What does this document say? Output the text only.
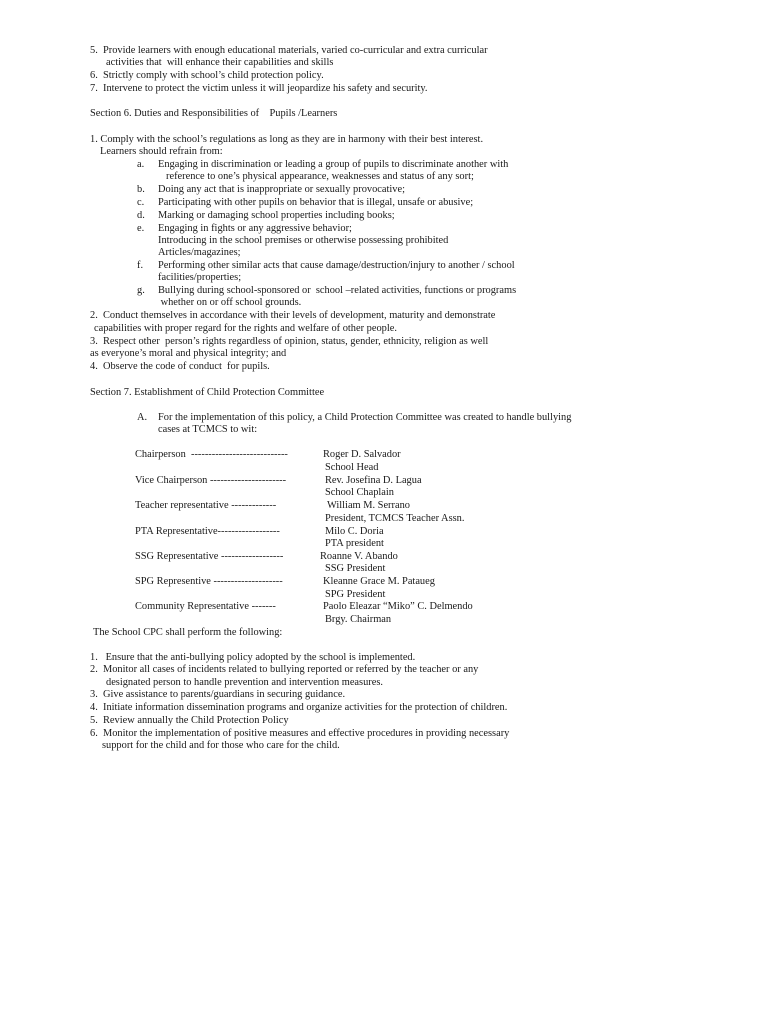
5.  Provide learners with enough educational materials, varied co-curricular and extra curricular
activities that  will enhance their capabilities and skills
6.  Strictly comply with school’s child protection policy.
7.  Intervene to protect the victim unless it will jeopardize his safety and security.
Section 6. Duties and Responsibilities of    Pupils /Learners
1. Comply with the school’s regulations as long as they are in harmony with their best interest.
Learners should refrain from:
a. Engaging in discrimination or leading a group of pupils to discriminate another with
reference to one’s physical appearance, weaknesses and status of any sort;
b. Doing any act that is inappropriate or sexually provocative;
c. Participating with other pupils on behavior that is illegal, unsafe or abusive;
d. Marking or damaging school properties including books;
e. Engaging in fights or any aggressive behavior;
Introducing in the school premises or otherwise possessing prohibited
Articles/magazines;
f. Performing other similar acts that cause damage/destruction/injury to another / school
facilities/properties;
g. Bullying during school-sponsored or  school –related activities, functions or programs
whether on or off school grounds.
2.  Conduct themselves in accordance with their levels of development, maturity and demonstrate
capabilities with proper regard for the rights and welfare of other people.
3.  Respect other  person’s rights regardless of opinion, status, gender, ethnicity, religion as well
as everyone’s moral and physical integrity; and
4.  Observe the code of conduct  for pupils.
Section 7. Establishment of Child Protection Committee
A. For the implementation of this policy, a Child Protection Committee was created to handle bullying
cases at TCMCS to wit:
Chairperson  ----------------------------	Roger D. Salvador
School Head
Vice Chairperson ----------------------	Rev. Josefina D. Lagua
School Chaplain
Teacher representative -------------	William M. Serrano
President, TCMCS Teacher Assn.
PTA Representative------------------	Milo C. Doria
PTA president
SSG Representative ------------------	Roanne V. Abando
SSG President
SPG Representive --------------------	Kleanne Grace M. Pataueg
SPG President
Community Representative -------	Paolo Eleazar “Miko” C. Delmendo
Brgy. Chairman
The School CPC shall perform the following:
1.   Ensure that the anti-bullying policy adopted by the school is implemented.
2.  Monitor all cases of incidents related to bullying reported or referred by the teacher or any
designated person to handle prevention and intervention measures.
3.  Give assistance to parents/guardians in securing guidance.
4.  Initiate information dissemination programs and organize activities for the protection of children.
5.  Review annually the Child Protection Policy
6.  Monitor the implementation of positive measures and effective procedures in providing necessary
support for the child and for those who care for the child.
